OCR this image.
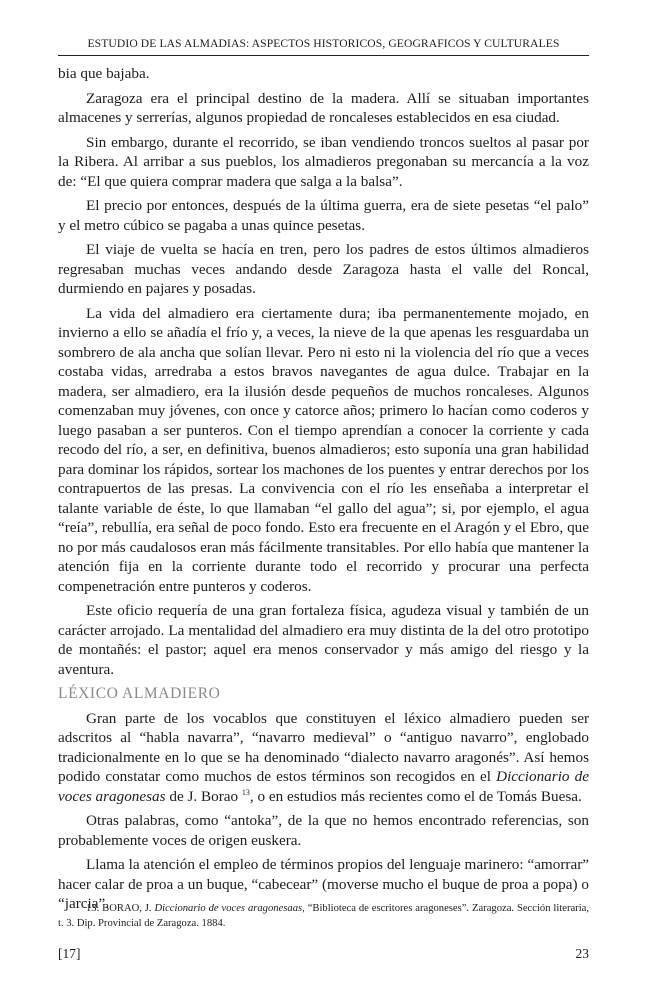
ESTUDIO DE LAS ALMADIAS: ASPECTOS HISTORICOS, GEOGRAFICOS Y CULTURALES

bia que bajaba.

Zaragoza era el principal destino de la madera. Allí se situaban importantes almacenes y serrerías, algunos propiedad de roncaleses establecidos en esa ciudad.

Sin embargo, durante el recorrido, se iban vendiendo troncos sueltos al pasar por la Ribera. Al arribar a sus pueblos, los almadieros pregonaban su mercancía a la voz de: “El que quiera comprar madera que salga a la balsa”.

El precio por entonces, después de la última guerra, era de siete pesetas “el palo” y el metro cúbico se pagaba a unas quince pesetas.

El viaje de vuelta se hacía en tren, pero los padres de estos últimos almadieros regresaban muchas veces andando desde Zaragoza hasta el valle del Roncal, durmiendo en pajares y posadas.

La vida del almadiero era ciertamente dura; iba permanentemente mojado, en invierno a ello se añadía el frío y, a veces, la nieve de la que apenas les resguardaba un sombrero de ala ancha que solían llevar. Pero ni esto ni la violencia del río que a veces costaba vidas, arredraba a estos bravos navegantes de agua dulce. Trabajar en la madera, ser almadiero, era la ilusión desde pequeños de muchos roncaleses. Algunos comenzaban muy jóvenes, con once y catorce años; primero lo hacían como coderos y luego pasaban a ser punteros. Con el tiempo aprendían a conocer la corriente y cada recodo del río, a ser, en definitiva, buenos almadieros; esto suponía una gran habilidad para dominar los rápidos, sortear los machones de los puentes y entrar derechos por los contrapuertos de las presas. La convivencia con el río les enseñaba a interpretar el talante variable de éste, lo que llamaban “el gallo del agua”; si, por ejemplo, el agua “reía”, rebullía, era señal de poco fondo. Esto era frecuente en el Aragón y el Ebro, que no por más caudalosos eran más fácilmente transitables. Por ello había que mantener la atención fija en la corriente durante todo el recorrido y procurar una perfecta compenetración entre punteros y coderos.

Este oficio requería de una gran fortaleza física, agudeza visual y también de un carácter arrojado. La mentalidad del almadiero era muy distinta de la del otro prototipo de montañés: el pastor; aquel era menos conservador y más amigo del riesgo y la aventura.

LÉXICO ALMADIERO

Gran parte de los vocablos que constituyen el léxico almadiero pueden ser adscritos al “habla navarra”, “navarro medieval” o “antiguo navarro”, englobado tradicionalmente en lo que se ha denominado “dialecto navarro aragonés”. Así hemos podido constatar como muchos de estos términos son recogidos en el Diccionario de voces aragonesas de J. Borao $^{13}$, o en estudios más recientes como el de Tomás Buesa.

Otras palabras, como “antoka”, de la que no hemos encontrado referencias, son probablemente voces de origen euskera.

Llama la atención el empleo de términos propios del lenguaje marinero: “amorrar” hacer calar de proa a un buque, “cabecear” (moverse mucho el buque de proa a popa) o “jarcia”.

13. BORAO, J. Diccionario de voces aragonesaas, “Biblioteca de escritores aragoneses”. Zaragoza. Sección literaria, t. 3. Dip. Provincial de Zaragoza. 1884.
[17]	23
